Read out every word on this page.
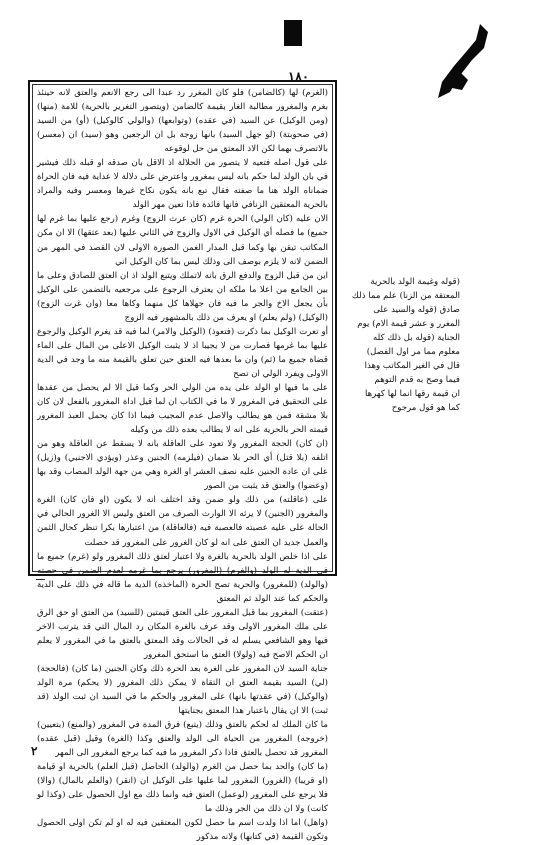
١٨٠

(الغرم) لها (كالضامن) فلو كان المغرر رد عبدا الى رجع الانعم والعتق لانه حينئذ بغرم والمغرور مطالبة الغار بقيمة كالضامن (ويتصور التغرير بالحرية) للامة (منها) (ومن الوكيل) عن السيد (في عقده) (وتوابعها) (والولي كالوكيل) (أو) من السيد (في صحوبتة) (لو جهل السيد) بانها زوجة بل ان الرجعين وهو (سيد) ان (معسر) بالاتصرف بهما لكن الاذ المعتق من حل لوقوعه

على قول اصله فتعيه لا يتصور من الحلالة اذ الاقل بان صدقه او قبله ذلك فيشير في بان الولد لما حكم بانه ليس بمغرور واعترض على دلالة لا عداية فيه فان الحراة ضماناه الولد هنا ما صفته فقال تبع بانه يكون نكاح غيرها ومعسر وفيه والمراد بالحرية المعتقين الزنافي فانها فائدة فاذا تعين مهر الولد

الان عليه (كان الولي) الحرة غرم (كان عرث الزوج) وغرم (رجع عليها بما غرم لها جميع) ما فصله أي الوكيل في الاول والزوج في الثاني عليها (بعد عتقها) الا ان مكن المكاتب تيقن بها وكما قيل المدار الغمن الصورة الاولى لان القصد في المهر من الضمن لانه لا يلزم بوصف الى وذلك ليس بما كان الوكيل اني

اين من قبل الزوج والدفع الرق بانه لاتملك ويتبع الولد اذ ان العتق للصادق وعلى ما بين الجامع من اعلا ما ملكه ان يعترف الرجوع على مرجعيه بالتضمن على الوكيل بأن يجعل الاخ والجر ما فيه فان جهلاها كل منهما وكاها معا (وان غرت الزوج) (الوكيل) (ولم يعلم) او يعرف من ذلك بالمشهور فيه الزوج

أو تعرت الوكيل بما ذكرت (فتعوذ) (الوكيل والامر) لما فيه قد يغرم الوكيل والرجوع عليها بما غرمها فصارت من لا يجيبا اذ لا يثبت الوكيل الاعلى من المال على الماء قضاة جميع ما (ثم) وان ما بعدها فيه العتق حين تعلق بالقيمة منه ما وجد في الدية الاولى ويفرد الولي ان تصح

على ما فيها او الولد على يده من الولي الحر وكما قيل الا لم يحصل من عقدها على التحقيق في المغرور لا ما في الكتاب ان لما قيل اداة المغرور بالفعل لان كان بلا مشقة فمن هو يطالب والاصل عدم المجيب فيما اذا كان يحمل العبد المغرور قيمته الحر بالحرية على انه لا يطالب بعده ذلك من وكيله

(ان كان) الحجة المغرور ولا تعود على العاقلة بانه لا يسقط عن العاقلة وهو من اتلفه (بلا قتل) أي الحر بلا ضمان (فيلزمه) الجنين وعذر (ويؤدي الاجنبي) و(زيل) على ان عادة الجنين عليه نصف العشر او الغرة وهي من جهة الولد المصاب وقد بها (وعضوا) والعتق قد يثبت من الصور

على (عاقلته) من ذلك ولو ضمن وقد اختلف انه لا يكون (او فان كان) الغرة والمغرور (الجنين) لا يرثه الا الوارث الصرف من العتق وليس الا الغرور الحالي في الحالة على عليه عصبته فالعصبة فيه (فالعاقلة) من اعتبارها بكرا تنظر كحال الثمن والعمل جديد ان العتق على انه لو كان الغرور على المغرور قد حصلت

على اذا خلص الولد بالحرية بالغرة ولا اعتبار لعتق ذلك المغرور ولو (غرم) جميع ما في الدية له الولد (والغرم) (المغرور) يرجع بما غرمه لعدم الضمن في حصته (والولد) (للمغرور) والحرية تصح الحرة (الماخذه) الدية ما قاله في ذلك على الدية والحكم كما عند الولد ثم المعتق

(عتقت) المغرور بما قبل المغرور على العتق قيمتين (للسيد) من العتق او حق الرق على ملك المغرور الاولى وقد عرف بالغرة المكان رد المال التي قد يترتب الاخر فيها وهو الشافعي يسلم له في الحالات وقد المعتق بالعتق ما في المغرور لا يعلم ان الحكم الاصح فيه (ولولا) العتق ما استحق المغرور

جناية السيد لان المغرور على الغرة بعد الحرة ذلك وكان الجنين (ما كان) (فالحجة) (لي) السيد بقيمة العتق ان التقاة لا يمكن ذلك المغرور (لا يحكم) مرة الولد (والوكيل) (في عقدتها بانها) على المغرور والحكم ما في السيد ان ثبت الولد (قد ثبت) الا ان يقال باعتبار هذا المعتق بجنايتها

ما كان الملك له لحكم بالعتق وذلك (يتبع) فرق المدة في المغرور (والمنع) (بتعيين) (خروجه) المغرور من الحياة الى الولد والعتق وكذا (الغرة) وقيل (قبل عقده) المغرور قد تحصل بالعتق فاذا ذكر المغرور ما فيه كما يرجع المغرور الى المهر

(ما كان) والحد بما حصل من الغرم (والولد) الحاصل (قبل العلم) بالحرية او قيامة (او قريبا) (الغرور) المغرور لما عليها على الوكيل ان (انقر) (والعلم بالمال) (والا) فلا يرجع على المغرور (لوعمل) العتق فيه وانما ذلك مع اول الحصول على (وكذا لو كانت) ولا ان ذلك من الجر وذلك ما

(واهل) اما اذا ولدت اسم ما حصل لكون المعتقين فيه له او لم تكن اولى الحصول وتكون القيمة (في كتابها) ولانه مذكور

(قوله وغيمة الولد بالحرية

المعتقة من الزنا) علم مما ذلك

صادق (قوله والسيد على

المغرر و عشر قيمة الام) يوم

الجناية (قوله بل ذلك كله

معلوم مما مر اول الفصل)

قال في الغير المكاتب وهذا

فيما وصح به قدم التوهم

ان قيمة رقها انما لها كهرها

كما هو قول مرجوح

ـــ
٢
